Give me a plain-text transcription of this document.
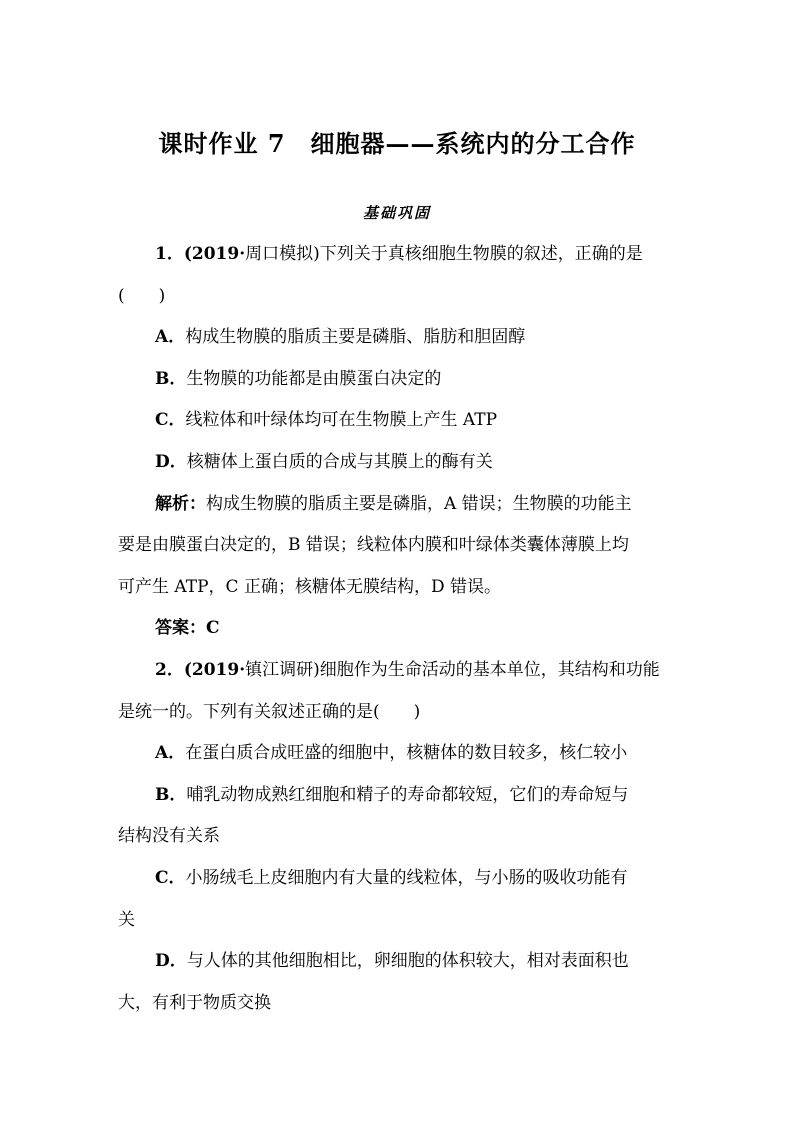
课时作业 7　细胞器——系统内的分工合作
基础巩固
1．(2019·周口模拟)下列关于真核细胞生物膜的叙述，正确的是
(　　)
A．构成生物膜的脂质主要是磷脂、脂肪和胆固醇
B．生物膜的功能都是由膜蛋白决定的
C．线粒体和叶绿体均可在生物膜上产生 ATP
D．核糖体上蛋白质的合成与其膜上的酶有关
解析：构成生物膜的脂质主要是磷脂，A 错误；生物膜的功能主
要是由膜蛋白决定的，B 错误；线粒体内膜和叶绿体类囊体薄膜上均
可产生 ATP，C 正确；核糖体无膜结构，D 错误。
答案：C
2．(2019·镇江调研)细胞作为生命活动的基本单位，其结构和功能
是统一的。下列有关叙述正确的是(　　)
A．在蛋白质合成旺盛的细胞中，核糖体的数目较多，核仁较小
B．哺乳动物成熟红细胞和精子的寿命都较短，它们的寿命短与
结构没有关系
C．小肠绒毛上皮细胞内有大量的线粒体，与小肠的吸收功能有
关
D．与人体的其他细胞相比，卵细胞的体积较大，相对表面积也
大，有利于物质交换
